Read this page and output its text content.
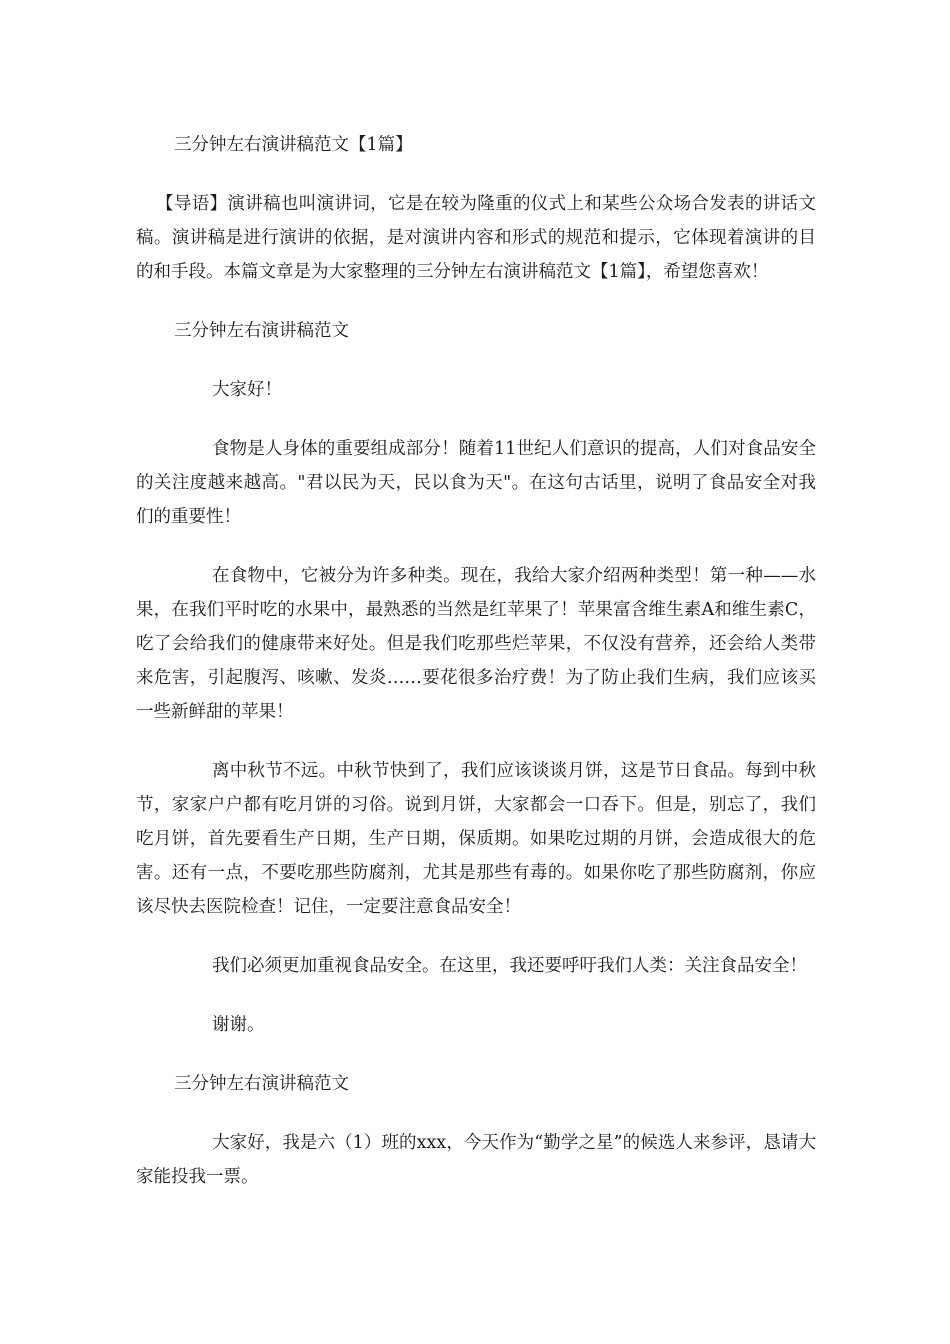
三分钟左右演讲稿范文【1篇】

【导语】演讲稿也叫演讲词，它是在较为隆重的仪式上和某些公众场合发表的讲话文稿。演讲稿是进行演讲的依据，是对演讲内容和形式的规范和提示，它体现着演讲的目的和手段。本篇文章是为大家整理的三分钟左右演讲稿范文【1篇】，希望您喜欢！

三分钟左右演讲稿范文

大家好！

食物是人身体的重要组成部分！随着11世纪人们意识的提高，人们对食品安全的关注度越来越高。"君以民为天，民以食为天"。在这句古话里，说明了食品安全对我们的重要性！

在食物中，它被分为许多种类。现在，我给大家介绍两种类型！第一种——水果，在我们平时吃的水果中，最熟悉的当然是红苹果了！苹果富含维生素A和维生素C，吃了会给我们的健康带来好处。但是我们吃那些烂苹果，不仅没有营养，还会给人类带来危害，引起腹泻、咳嗽、发炎……要花很多治疗费！为了防止我们生病，我们应该买一些新鲜甜的苹果！

离中秋节不远。中秋节快到了，我们应该谈谈月饼，这是节日食品。每到中秋节，家家户户都有吃月饼的习俗。说到月饼，大家都会一口吞下。但是，别忘了，我们吃月饼，首先要看生产日期，生产日期，保质期。如果吃过期的月饼，会造成很大的危害。还有一点，不要吃那些防腐剂，尤其是那些有毒的。如果你吃了那些防腐剂，你应该尽快去医院检查！记住，一定要注意食品安全！

我们必须更加重视食品安全。在这里，我还要呼吁我们人类：关注食品安全！

谢谢。

三分钟左右演讲稿范文

大家好，我是六（1）班的xxx，今天作为“勤学之星”的候选人来参评，恳请大家能投我一票。
